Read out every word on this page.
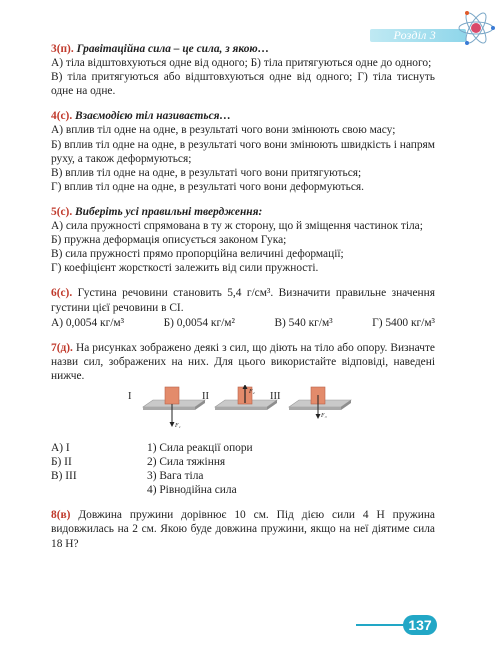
Розділ 3

3(п). Гравітаційна сила – це сила, з якою…

А) тіла відштовхуються одне від одного; Б) тіла притягуються одне до одного;

В) тіла притягуються або відштовхуються одне від одного; Г) тіла тиснуть одне на одне.

4(с). Взаємодією тіл називається…

А) вплив тіл одне на одне, в результаті чого вони змінюють свою масу;

Б) вплив тіл одне на одне, в результаті чого вони змінюють швидкість і напрям руху, а також деформуються;

В) вплив тіл одне на одне, в результаті чого вони притягуються;

Г) вплив тіл одне на одне, в результаті чого вони деформуються.

5(с). Виберіть усі правильні твердження:

А) сила пружності спрямована в ту ж сторону, що й зміщення частинок тіла;

Б) пружна деформація описується законом Гука;

В) сила пружності прямо пропорційна величині деформації;

Г) коефіцієнт жорсткості залежить від сили пружності.

6(с). Густина речовини становить 5,4 г/см³. Визначити правильне значення густини цієї речовини в СІ.

А) 0,0054 кг/м³	Б) 0,0054 кг/м²	В) 540 кг/м³	Г) 5400 кг/м³

7(д). На рисунках зображено деякі з сил, що діють на тіло або опору. Визначте назви сил, зображених на них. Для цього використайте відповіді, наведені нижче.

I
F₁
II	F₂ III
F₃
А) І	1) Сила реакції опори
Б) ІІ	2) Сила тяжіння
В) ІІІ	3) Вага тіла
4) Рівнодійна сила

8(в) Довжина пружини дорівнює 10 см. Під дією сили 4 Н пружина видовжилась на 2 см. Якою буде довжина пружини, якщо на неї діятиме сила 18 Н?

137
